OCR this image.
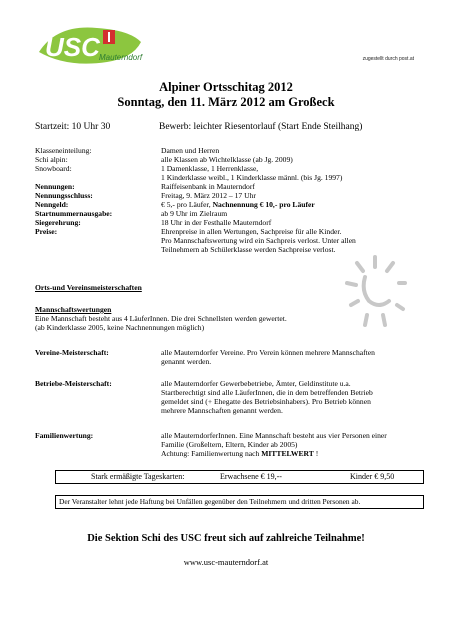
USC Mauterndorf	zugestellt durch post.at
Alpiner Ortsschitag 2012
Sonntag, den 11. März 2012 am Großeck
Startzeit: 10 Uhr 30	Bewerb: leichter Riesentorlauf (Start Ende Steilhang)
Klasseneinteilung:	Damen und Herren
Schi alpin:	alle Klassen ab Wichtelklasse (ab Jg. 2009)
Snowboard:	1 Damenklasse, 1 Herrenklasse,
1 Kinderklasse weibl., 1 Kinderklasse männl. (bis Jg. 1997)
Nennungen:	Raiffeisenbank in Mauterndorf
Nennungsschluss:	Freitag, 9. März 2012 – 17 Uhr
Nenngeld:	€ 5,- pro Läufer, Nachnennung € 10,- pro Läufer
Startnummernausgabe:	ab 9 Uhr im Zielraum
Siegerehrung:	18 Uhr in der Festhalle Mauterndorf
Preise:	Ehrenpreise in allen Wertungen, Sachpreise für alle Kinder.
Pro Mannschaftswertung wird ein Sachpreis verlost. Unter allen
Teilnehmern ab Schülerklasse werden Sachpreise verlost.
Orts-und Vereinsmeisterschaften
Mannschaftswertungen
Eine Mannschaft besteht aus 4 LäuferInnen. Die drei Schnellsten werden gewertet.
(ab Kinderklasse 2005, keine Nachnennungen möglich)
Vereine-Meisterschaft:	alle Mauterndorfer Vereine. Pro Verein können mehrere Mannschaften
genannt werden.
Betriebe-Meisterschaft:	alle Mauterndorfer Gewerbebetriebe, Ämter, Geldinstitute u.a.
Startberechtigt sind alle LäuferInnen, die in dem betreffenden Betrieb
gemeldet sind (+ Ehegatte des Betriebsinhabers). Pro Betrieb können
mehrere Mannschaften genannt werden.
Familienwertung:	alle MauterndorferInnen. Eine Mannschaft besteht aus vier Personen einer
Familie (Großeltern, Eltern, Kinder ab 2005)
Achtung: Familienwertung nach MITTELWERT !
Stark ermäßigte Tageskarten:	Erwachsene € 19,--	Kinder € 9,50
Der Veranstalter lehnt jede Haftung bei Unfällen gegenüber den Teilnehmern und dritten Personen ab.
Die Sektion Schi des USC freut sich auf zahlreiche Teilnahme!
www.usc-mauterndorf.at
